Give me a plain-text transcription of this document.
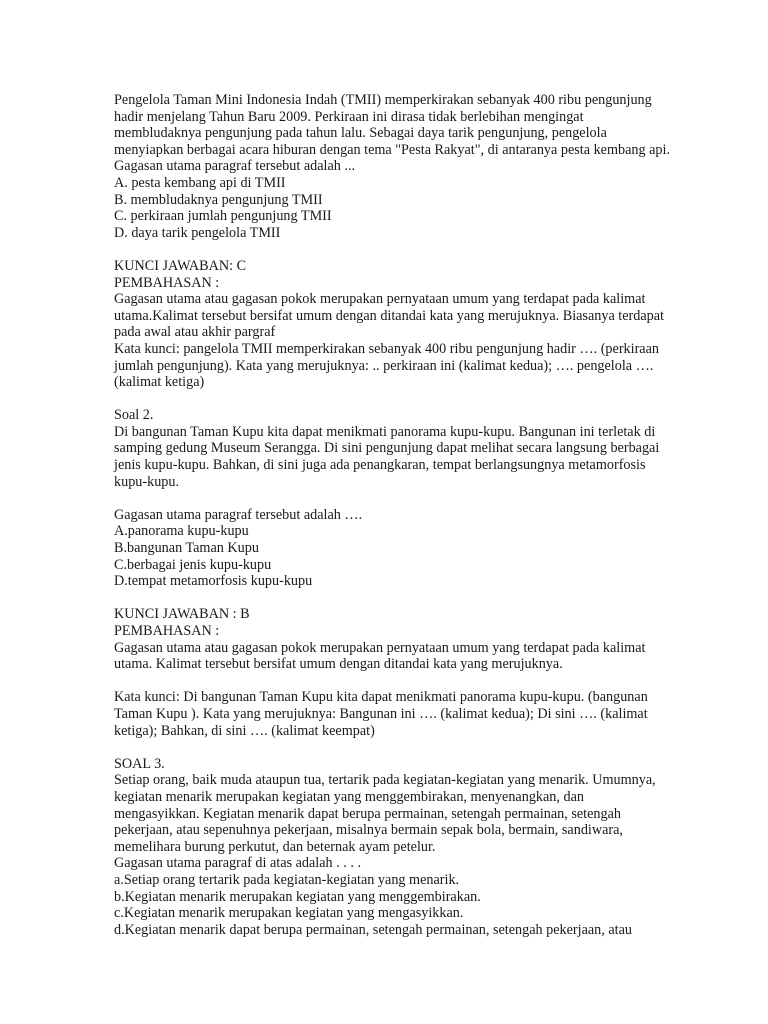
Pengelola Taman Mini Indonesia Indah (TMII) memperkirakan sebanyak 400 ribu pengunjung
hadir menjelang Tahun Baru 2009. Perkiraan ini dirasa tidak berlebihan mengingat
membludaknya pengunjung pada tahun lalu. Sebagai daya tarik pengunjung, pengelola
menyiapkan berbagai acara hiburan dengan tema "Pesta Rakyat", di antaranya pesta kembang api.
Gagasan utama paragraf tersebut adalah ...
A. pesta kembang api di TMII
B. membludaknya pengunjung TMII
C. perkiraan jumlah pengunjung TMII
D. daya tarik pengelola TMII
KUNCI JAWABAN: C
PEMBAHASAN :
Gagasan utama atau gagasan pokok merupakan pernyataan umum yang terdapat pada kalimat
utama.Kalimat tersebut bersifat umum dengan ditandai kata yang merujuknya. Biasanya terdapat
pada awal atau akhir pargraf
Kata kunci: pangelola TMII memperkirakan sebanyak 400 ribu pengunjung hadir …. (perkiraan
jumlah pengunjung). Kata yang merujuknya: .. perkiraan ini (kalimat kedua); …. pengelola ….
(kalimat ketiga)
Soal 2.
Di bangunan Taman Kupu kita dapat menikmati panorama kupu-kupu. Bangunan ini terletak di
samping gedung Museum Serangga. Di sini pengunjung dapat melihat secara langsung berbagai
jenis kupu-kupu. Bahkan, di sini juga ada penangkaran, tempat berlangsungnya metamorfosis
kupu-kupu.
Gagasan utama paragraf tersebut adalah ….
A.panorama kupu-kupu
B.bangunan Taman Kupu
C.berbagai jenis kupu-kupu
D.tempat metamorfosis kupu-kupu
KUNCI JAWABAN : B
PEMBAHASAN :
Gagasan utama atau gagasan pokok merupakan pernyataan umum yang terdapat pada kalimat
utama. Kalimat tersebut bersifat umum dengan ditandai kata yang merujuknya.
Kata kunci: Di bangunan Taman Kupu kita dapat menikmati panorama kupu-kupu. (bangunan
Taman Kupu ). Kata yang merujuknya: Bangunan ini …. (kalimat kedua); Di sini …. (kalimat
ketiga); Bahkan, di sini …. (kalimat keempat)
SOAL 3.
Setiap orang, baik muda ataupun tua, tertarik pada kegiatan-kegiatan yang menarik. Umumnya,
kegiatan menarik merupakan kegiatan yang menggembirakan, menyenangkan, dan
mengasyikkan. Kegiatan menarik dapat berupa permainan, setengah permainan, setengah
pekerjaan, atau sepenuhnya pekerjaan, misalnya bermain sepak bola, bermain, sandiwara,
memelihara burung perkutut, dan beternak ayam petelur.
Gagasan utama paragraf di atas adalah . . . .
a.Setiap orang tertarik pada kegiatan-kegiatan yang menarik.
b.Kegiatan menarik merupakan kegiatan yang menggembirakan.
c.Kegiatan menarik merupakan kegiatan yang mengasyikkan.
d.Kegiatan menarik dapat berupa permainan, setengah permainan, setengah pekerjaan, atau
